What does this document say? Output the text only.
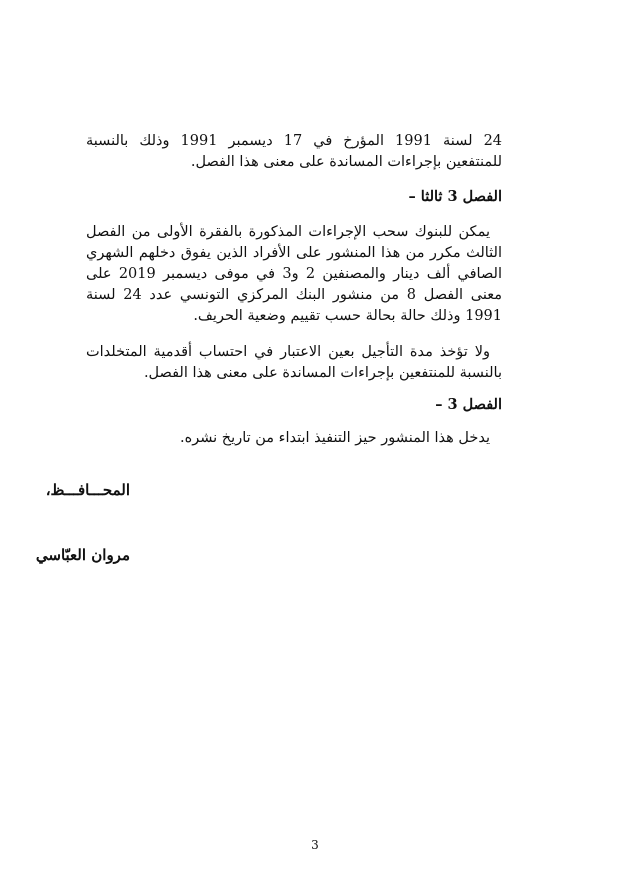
24 لسنة 1991 المؤرخ في 17 ديسمبر 1991 وذلك بالنسبة للمنتفعين بإجراءات المساندة على معنى هذا الفصل.

الفصل 3 ثالثا –

يمكن للبنوك سحب الإجراءات المذكورة بالفقرة الأولى من الفصل الثالث مكرر من هذا المنشور على الأفراد الذين يفوق دخلهم الشهري الصافي ألف دينار والمصنفين 2 و3 في موفى ديسمبر 2019 على معنى الفصل 8 من منشور البنك المركزي التونسي عدد 24 لسنة 1991 وذلك حالة بحالة حسب تقييم وضعية الحريف.

ولا تؤخذ مدة التأجيل بعين الاعتبار في احتساب أقدمية المتخلدات بالنسبة للمنتفعين بإجراءات المساندة على معنى هذا الفصل.

الفصل 3 –

يدخل هذا المنشور حيز التنفيذ ابتداء من تاريخ نشره.

المحـــافـــظ،
مروان العبّاسي
3
